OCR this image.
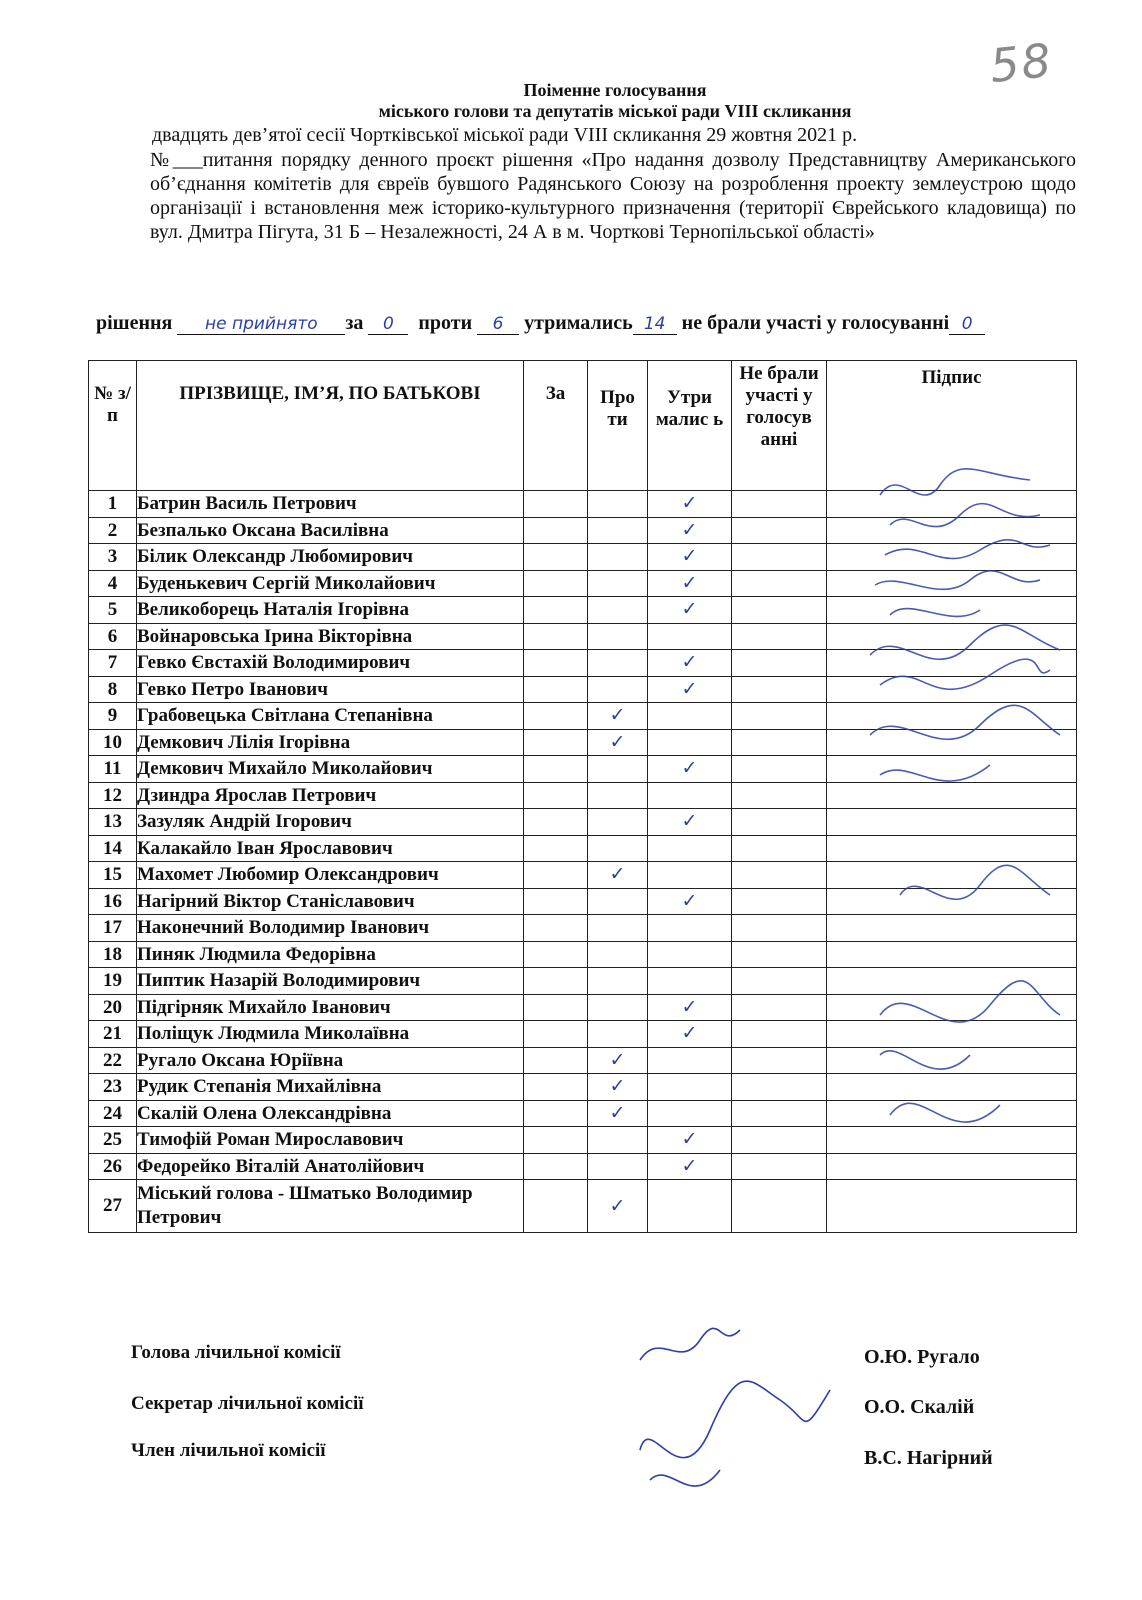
58
Поіменне голосування
міського голови та депутатів міської ради VIII скликання
двадцять дев’ятої сесії Чортківської міської ради VIII скликання 29 жовтня 2021 р.
№___питання порядку денного проєкт рішення «Про надання дозволу Представництву Американського об’єднання комітетів для євреїв бувшого Радянського Союзу на розроблення проекту землеустрою щодо організації і встановлення меж історико-культурного призначення (території Єврейського кладовища) по вул. Дмитра Пігута, 31 Б – Незалежності, 24 А в м. Чорткові Тернопільської області»
рішення не прийнято за 0 проти 6 утримались 14 не брали участі у голосуванні 0
№ з/п	ПРІЗВИЩЕ, ІМ’Я, ПО БАТЬКОВІ	За	Про ти	Утри малис ь	Не брали участі у голосув анні	Підпис
1	Батрин Василь Петрович			✓		
2	Безпалько Оксана Василівна			✓		
3	Білик Олександр Любомирович			✓		
4	Буденькевич Сергій Миколайович			✓		
5	Великоборець Наталія Ігорівна			✓		
6	Войнаровська Ірина Вікторівна					
7	Гевко Євстахій Володимирович			✓		
8	Гевко Петро Іванович			✓		
9	Грабовецька Світлана Степанівна		✓			
10	Демкович Лілія Ігорівна		✓			
11	Демкович Михайло Миколайович			✓		
12	Дзиндра Ярослав Петрович					
13	Зазуляк Андрій Ігорович			✓		
14	Калакайло Іван Ярославович					
15	Махомет Любомир Олександрович		✓			
16	Нагірний Віктор Станіславович			✓		
17	Наконечний Володимир Іванович					
18	Пиняк Людмила Федорівна					
19	Пиптик Назарій Володимирович					
20	Підгірняк Михайло Іванович			✓		
21	Поліщук Людмила Миколаївна			✓		
22	Ругало Оксана Юріївна		✓			
23	Рудик Степанія Михайлівна		✓			
24	Скалій Олена Олександрівна		✓			
25	Тимофій Роман Мирославович			✓		
26	Федорейко Віталій Анатолійович			✓		
27	Міський голова - Шматько Володимир Петрович		✓			
Голова лічильної комісії	О.Ю. Ругало
Секретар лічильної комісії	О.О. Скалій
Член лічильної комісії	В.С. Нагірний
